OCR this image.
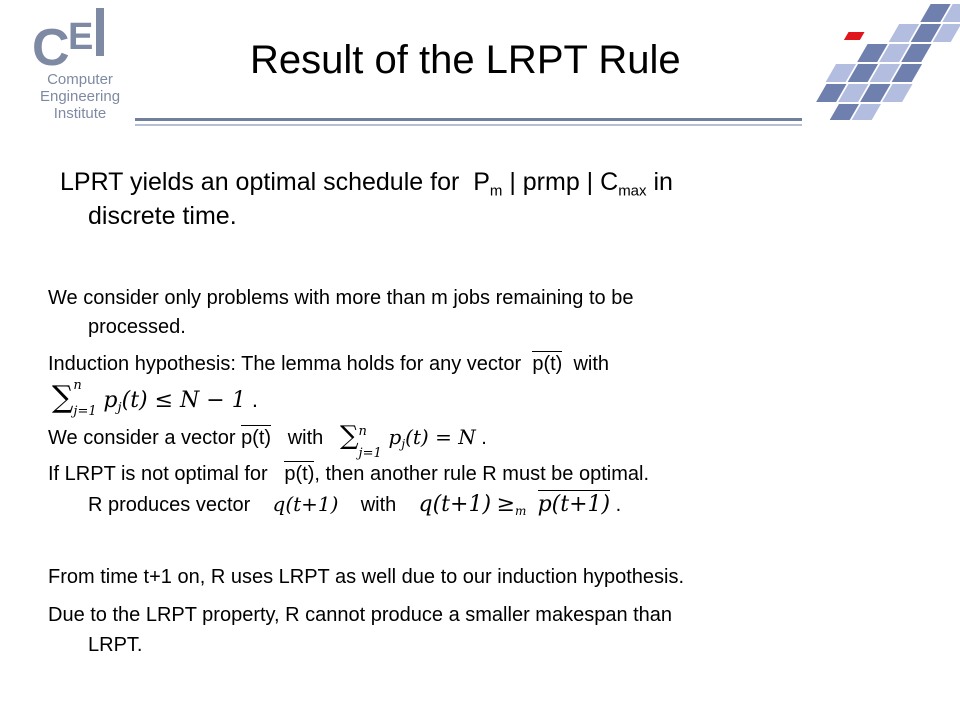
C
E
Computer
Engineering
Institute
Result of the LRPT Rule
LPRT yields an optimal schedule for $P_m$ | prmp | $C_{max}$ in
discrete time.
We consider only problems with more than m jobs remaining to be
processed.
Induction hypothesis: The lemma holds for any vector p(t) with
∑ n
j=1 $p_j(t) \le N - 1$ .
We consider a vector p(t) with ∑ n
j=1
$p_j(t) = N$ .
If LRPT is not optimal for p(t), then another rule R must be optimal.
R produces vector q(t+1) with $q(t+1) \ge_m$ p(t+1) .
From time t+1 on, R uses LRPT as well due to our induction hypothesis.
Due to the LRPT property, R cannot produce a smaller makespan than
LRPT.
